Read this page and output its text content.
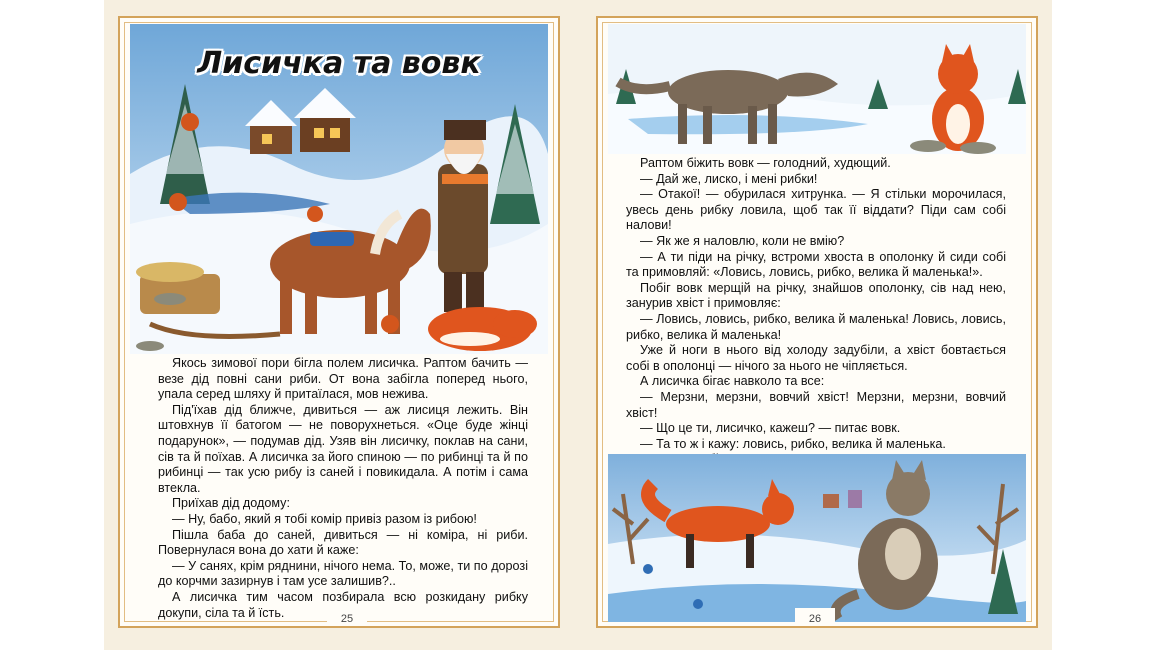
Лисичка та вовк

Якось зимової пори бігла полем лисичка. Раптом бачить — везе дід повні сани риби. От вона забігла поперед нього, упала серед шляху й притаїлася, мов нежива.

Під'їхав дід ближче, дивиться — аж лисиця лежить. Він штовхнув її батогом — не поворухнеться. «Оце буде жінці подарунок», — подумав дід. Узяв він лисичку, поклав на сани, сів та й поїхав. А лисичка за його спиною — по рибинці та й по рибинці — так усю рибу із саней і повикидала. А потім і сама втекла.

Приїхав дід додому:

— Ну, бабо, який я тобі комір привіз разом із рибою!

Пішла баба до саней, дивиться — ні коміра, ні риби. Повернулася вона до хати й каже:

— У санях, крім ряднини, нічого нема. То, може, ти по дорозі до корчми зазирнув і там усе залишив?..

А лисичка тим часом позбирала всю розкидану рибку докупи, сіла та й їсть.	25

Раптом біжить вовк — голодний, худющий.

— Дай же, лиско, і мені рибки!

— Отакої! — обурилася хитрунка. — Я стільки морочилася, увесь день рибку ловила, щоб так її віддати? Піди сам собі налови!

— Як же я наловлю, коли не вмію?

— А ти піди на річку, встроми хвоста в ополонку й сиди собі та примовляй: «Ловись, ловись, рибко, велика й маленька!».

Побіг вовк мерщій на річку, знайшов ополонку, сів над нею, занурив хвіст і примовляє:

— Ловись, ловись, рибко, велика й маленька! Ловись, ловись, рибко, велика й маленька!

Уже й ноги в нього від холоду задубіли, а хвіст бовтається собі в ополонці — нічого за нього не чіпляється.

А лисичка бігає навколо та все:

— Мерзни, мерзни, вовчий хвіст! Мерзни, мерзни, вовчий хвіст!

— Що це ти, лисичко, кажеш? — питає вовк.

— Та то ж і кажу: ловись, рибко, велика й маленька.

26
